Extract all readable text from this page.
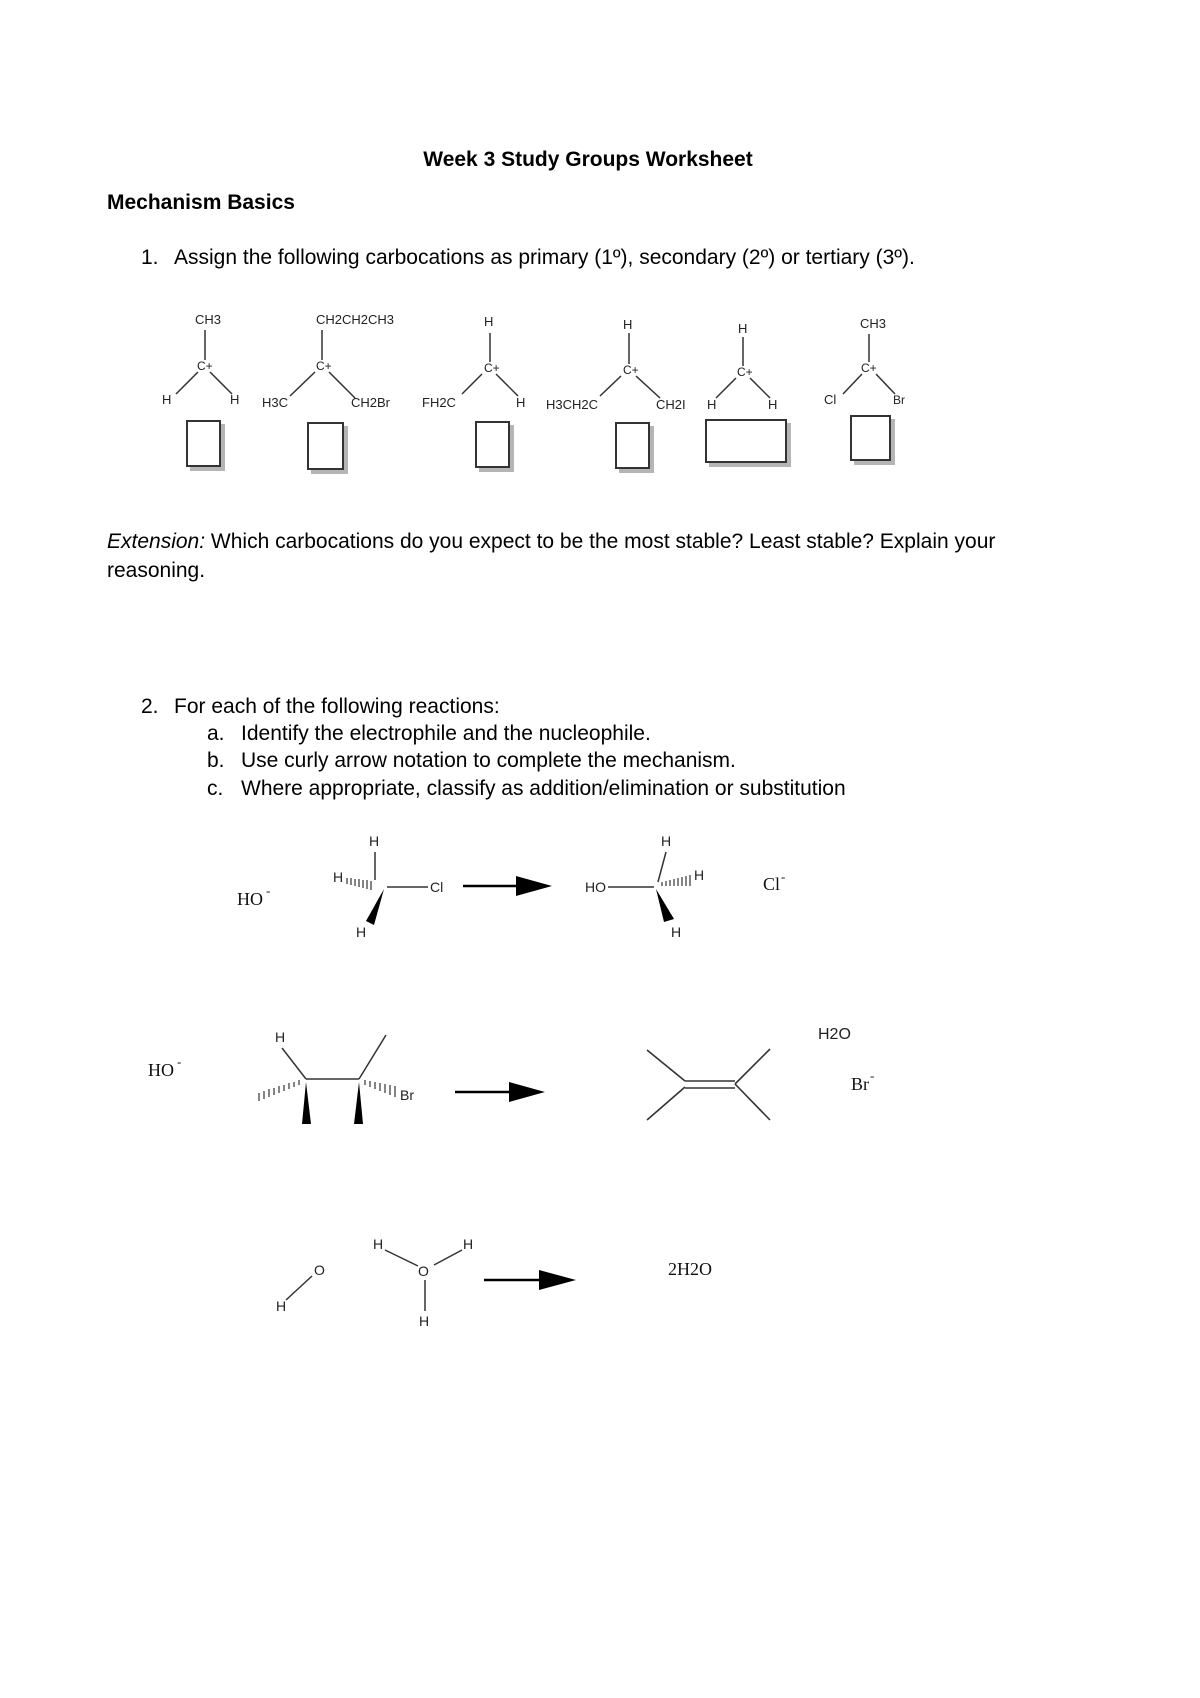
Week 3 Study Groups Worksheet
Mechanism Basics
1. Assign the following carbocations as primary (1º), secondary (2º) or tertiary (3º).
CH3
C+
H	H
CH2CH2CH3
C+
H3C	CH2Br
H
C+
FH2C	H
H
C+
H3CH2C	CH2I
H
C+
H	H
CH3
C+
Cl	Br
Extension: Which carbocations do you expect to be the most stable? Least stable? Explain your
reasoning.
2. For each of the following reactions:
a. Identify the electrophile and the nucleophile.
b. Use curly arrow notation to complete the mechanism.
c. Where appropriate, classify as addition/elimination or substitution
HO -
H
H
Cl
H
HO
H
H
H
Cl -
HO -
H
Br
H2O
Br -
H
O
H
O
H
H
2H2O
